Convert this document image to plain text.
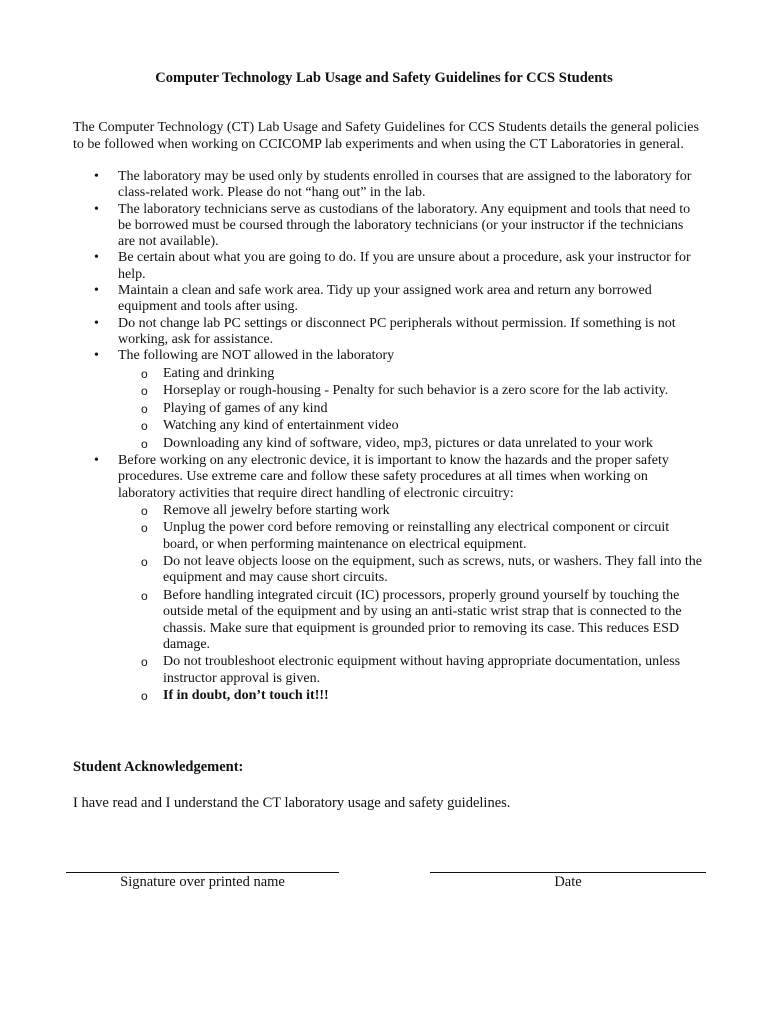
Computer Technology Lab Usage and Safety Guidelines for CCS Students
The Computer Technology (CT) Lab Usage and Safety Guidelines for CCS Students details the general policies to be followed when working on CCICOMP lab experiments and when using the CT Laboratories in general.
• The laboratory may be used only by students enrolled in courses that are assigned to the laboratory for class-related work. Please do not “hang out” in the lab.
• The laboratory technicians serve as custodians of the laboratory. Any equipment and tools that need to be borrowed must be coursed through the laboratory technicians (or your instructor if the technicians are not available).
• Be certain about what you are going to do. If you are unsure about a procedure, ask your instructor for help.
• Maintain a clean and safe work area. Tidy up your assigned work area and return any borrowed equipment and tools after using.
• Do not change lab PC settings or disconnect PC peripherals without permission. If something is not working, ask for assistance.
• The following are NOT allowed in the laboratory
o Eating and drinking
o Horseplay or rough-housing - Penalty for such behavior is a zero score for the lab activity.
o Playing of games of any kind
o Watching any kind of entertainment video
o Downloading any kind of software, video, mp3, pictures or data unrelated to your work
• Before working on any electronic device, it is important to know the hazards and the proper safety procedures. Use extreme care and follow these safety procedures at all times when working on laboratory activities that require direct handling of electronic circuitry:
o Remove all jewelry before starting work
o Unplug the power cord before removing or reinstalling any electrical component or circuit board, or when performing maintenance on electrical equipment.
o Do not leave objects loose on the equipment, such as screws, nuts, or washers. They fall into the equipment and may cause short circuits.
o Before handling integrated circuit (IC) processors, properly ground yourself by touching the outside metal of the equipment and by using an anti-static wrist strap that is connected to the chassis. Make sure that equipment is grounded prior to removing its case. This reduces ESD damage.
o Do not troubleshoot electronic equipment without having appropriate documentation, unless instructor approval is given.
o If in doubt, don’t touch it!!!
Student Acknowledgement:
I have read and I understand the CT laboratory usage and safety guidelines.
Signature over printed name	Date
